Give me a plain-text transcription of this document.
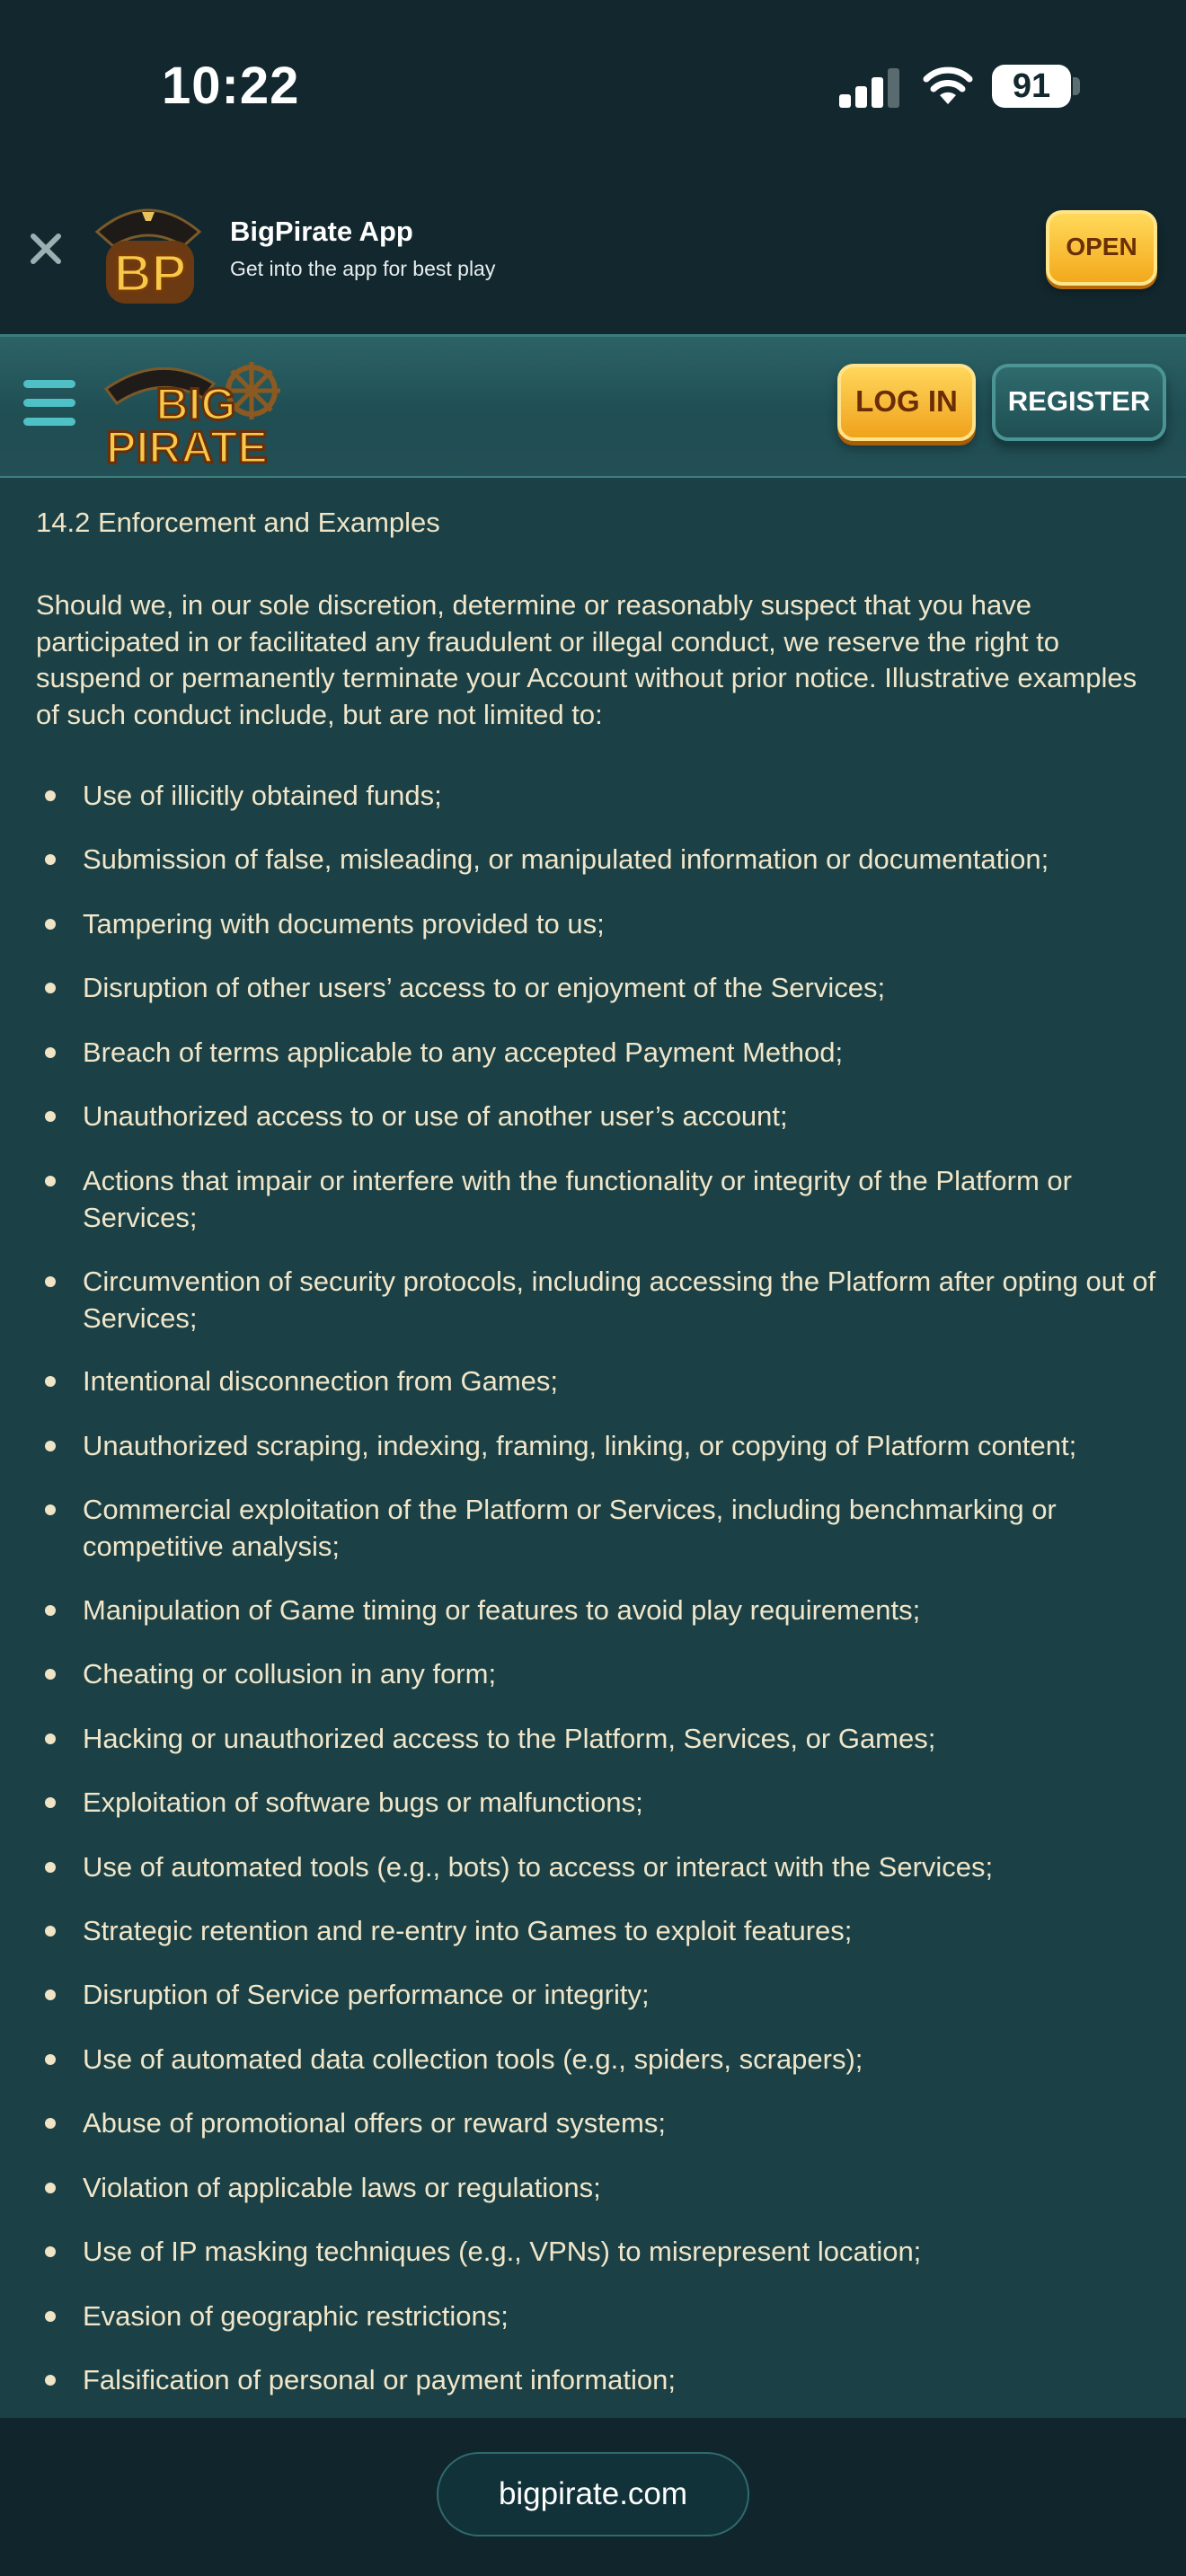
10:22	91
BP
BigPirate App
Get into the app for best play
OPEN
BIG
PIRATE
LOG IN	REGISTER
14.2 Enforcement and Examples

Should we, in our sole discretion, determine or reasonably suspect that you have participated in or facilitated any fraudulent or illegal conduct, we reserve the right to suspend or permanently terminate your Account without prior notice. Illustrative examples of such conduct include, but are not limited to:

Use of illicitly obtained funds;
Submission of false, misleading, or manipulated information or documentation;
Tampering with documents provided to us;
Disruption of other users’ access to or enjoyment of the Services;
Breach of terms applicable to any accepted Payment Method;
Unauthorized access to or use of another user’s account;
Actions that impair or interfere with the functionality or integrity of the Platform or Services;
Circumvention of security protocols, including accessing the Platform after opting out of Services;
Intentional disconnection from Games;
Unauthorized scraping, indexing, framing, linking, or copying of Platform content;
Commercial exploitation of the Platform or Services, including benchmarking or competitive analysis;
Manipulation of Game timing or features to avoid play requirements;
Cheating or collusion in any form;
Hacking or unauthorized access to the Platform, Services, or Games;
Exploitation of software bugs or malfunctions;
Use of automated tools (e.g., bots) to access or interact with the Services;
Strategic retention and re-entry into Games to exploit features;
Disruption of Service performance or integrity;
Use of automated data collection tools (e.g., spiders, scrapers);
Abuse of promotional offers or reward systems;
Violation of applicable laws or regulations;
Use of IP masking techniques (e.g., VPNs) to misrepresent location;
Evasion of geographic restrictions;
Falsification of personal or payment information;
bigpirate.com
